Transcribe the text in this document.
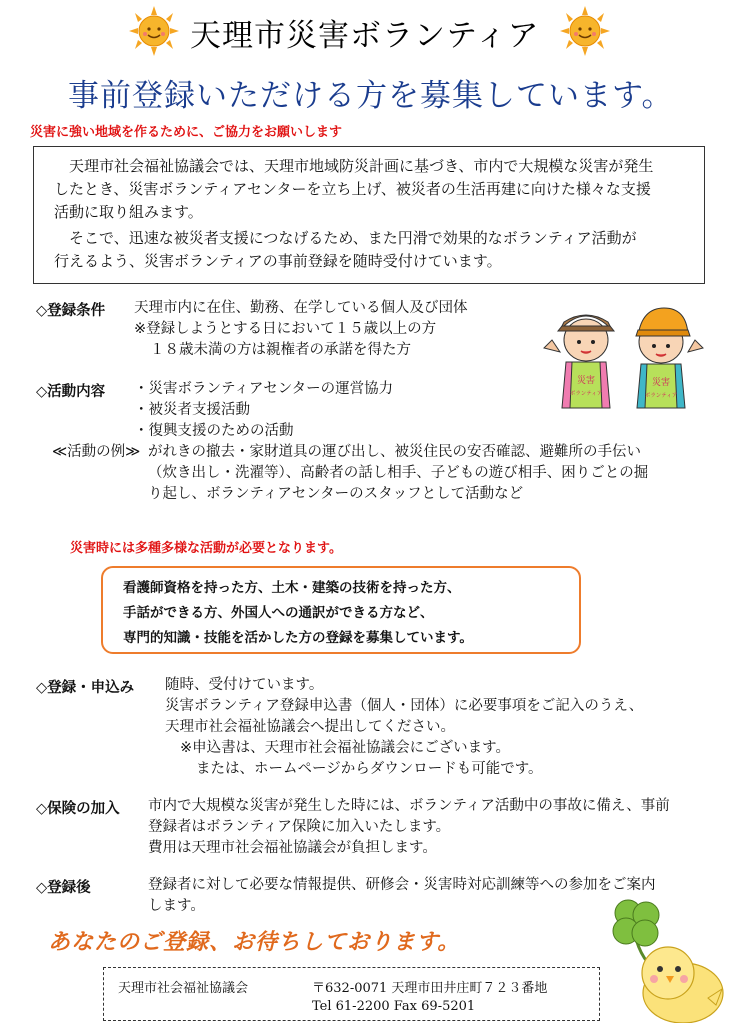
天理市災害ボランティア
事前登録いただける方を募集しています。
災害に強い地域を作るために、ご協力をお願いします
　天理市社会福祉協議会では、天理市地域防災計画に基づき、市内で大規模な災害が発生
したとき、災害ボランティアセンターを立ち上げ、被災者の生活再建に向けた様々な支援
活動に取り組みます。
　そこで、迅速な被災者支援につなげるため、また円滑で効果的なボランティア活動が
行えるよう、災害ボランティアの事前登録を随時受付けています。
◇登録条件 天理市内に在住、勤務、在学している個人及び団体
※登録しようとする日において１５歳以上の方
１８歳未満の方は親権者の承諾を得た方
災害
ボランティア
災害
ボランティア
◇活動内容 ・災害ボランティアセンターの運営協力
・被災者支援活動
・復興支援のための活動
≪活動の例≫ がれきの撤去・家財道具の運び出し、被災住民の安否確認、避難所の手伝い
（炊き出し・洗濯等）、高齢者の話し相手、子どもの遊び相手、困りごとの掘
り起し、ボランティアセンターのスタッフとして活動など
災害時には多種多様な活動が必要となります。
看護師資格を持った方、土木・建築の技術を持った方、
手話ができる方、外国人への通訳ができる方など、
専門的知識・技能を活かした方の登録を募集しています。
◇登録・申込み 随時、受付けています。
災害ボランティア登録申込書（個人・団体）に必要事項をご記入のうえ、
天理市社会福祉協議会へ提出してください。
※申込書は、天理市社会福祉協議会にございます。
または、ホームページからダウンロードも可能です。
◇保険の加入 市内で大規模な災害が発生した時には、ボランティア活動中の事故に備え、事前
登録者はボランティア保険に加入いたします。
費用は天理市社会福祉協議会が負担します。
◇登録後	登録者に対して必要な情報提供、研修会・災害時対応訓練等への参加をご案内
します。
あなたのご登録、お待ちしております。
天理市社会福祉協議会	〒632-0071 天理市田井庄町７２３番地
Tel 61-2200 Fax 69-5201
